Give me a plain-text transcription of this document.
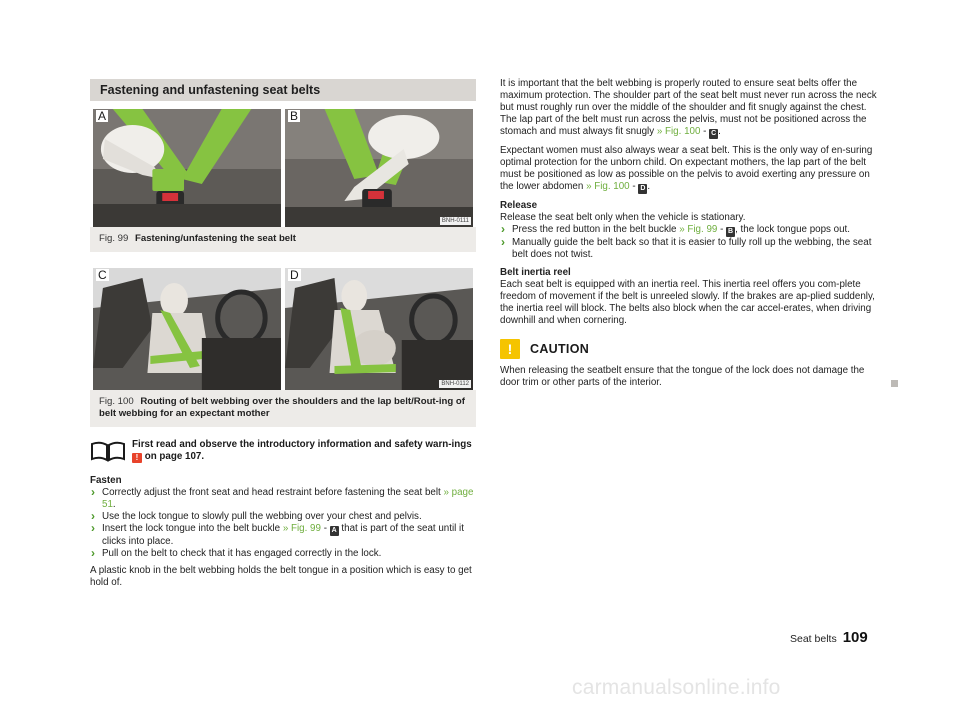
Fastening and unfastening seat belts
A	B
BNH-0111
Fig. 99 Fastening/unfastening the seat belt
C	D
BNH-0112
Fig. 100 Routing of belt webbing over the shoulders and the lap belt/Rout-ing of belt webbing for an expectant mother
First read and observe the introductory information and safety warn-ings ! on page 107.
Fasten
› Correctly adjust the front seat and head restraint before fastening the seat belt » page 51.
› Use the lock tongue to slowly pull the webbing over your chest and pelvis.
› Insert the lock tongue into the belt buckle » Fig. 99 - A that is part of the seat until it clicks into place.
› Pull on the belt to check that it has engaged correctly in the lock.

A plastic knob in the belt webbing holds the belt tongue in a position which is easy to get hold of.

It is important that the belt webbing is properly routed to ensure seat belts offer the maximum protection. The shoulder part of the seat belt must never run across the neck but must roughly run over the middle of the shoulder and fit snugly against the chest. The lap part of the belt must run across the pelvis, must not be positioned across the stomach and must always fit snugly » Fig. 100 - C .

Expectant women must also always wear a seat belt. This is the only way of en-suring optimal protection for the unborn child. On expectant mothers, the lap part of the belt must be positioned as low as possible on the pelvis to avoid exerting any pressure on the lower abdomen » Fig. 100 - D .

Release

Release the seat belt only when the vehicle is stationary.

› Press the red button in the belt buckle » Fig. 99 - B , the lock tongue pops out.
› Manually guide the belt back so that it is easier to fully roll up the webbing, the seat belt does not twist.
Belt inertia reel

Each seat belt is equipped with an inertia reel. This inertia reel offers you com-plete freedom of movement if the belt is unreeled slowly. If the brakes are ap-plied suddenly, the inertia reel will block. The belts also block when the car accel-erates, when driving downhill and when cornering.

!	CAUTION

When releasing the seatbelt ensure that the tongue of the lock does not damage the door trim or other parts of the interior.

Seat belts 109
carmanualsonline.info
